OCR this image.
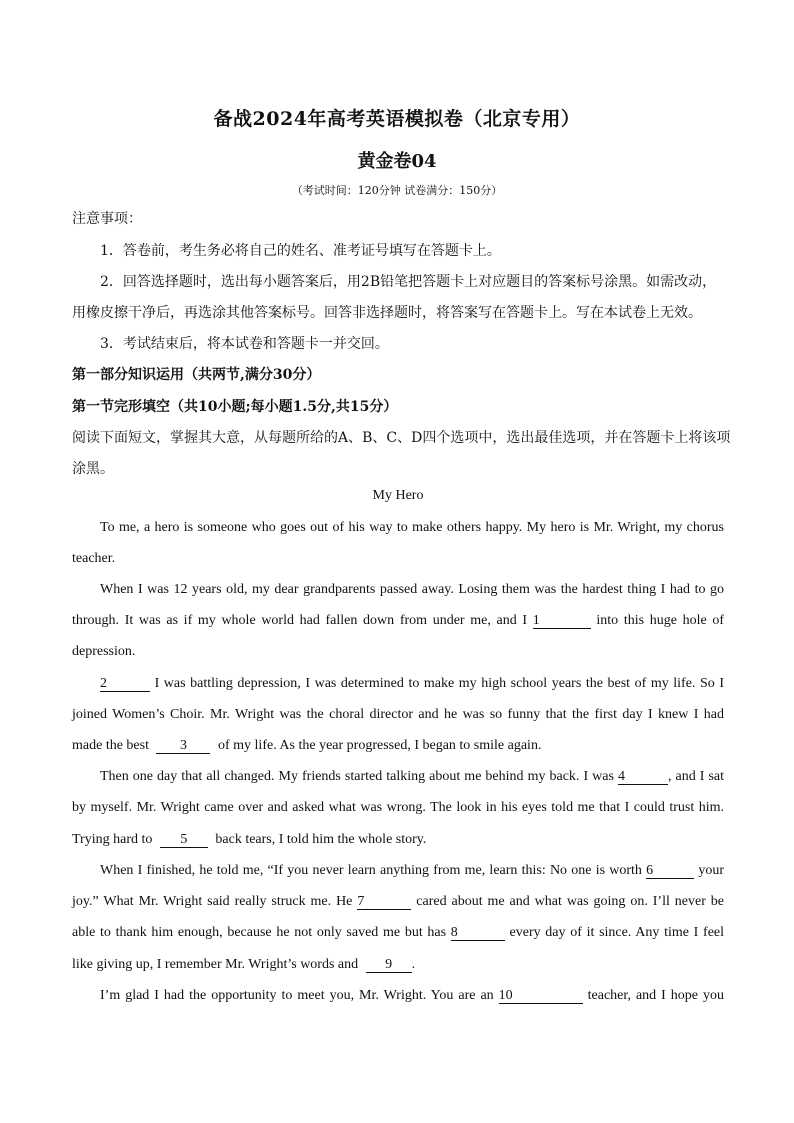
备战2024年高考英语模拟卷（北京专用）
黄金卷04
（考试时间：120分钟 试卷满分：150分）
注意事项：
1．答卷前，考生务必将自己的姓名、准考证号填写在答题卡上。
2．回答选择题时，选出每小题答案后，用2B铅笔把答题卡上对应题目的答案标号涂黑。如需改动，
用橡皮擦干净后，再选涂其他答案标号。回答非选择题时，将答案写在答题卡上。写在本试卷上无效。
3．考试结束后，将本试卷和答题卡一并交回。
第一部分知识运用（共两节,满分30分）
第一节完形填空（共10小题;每小题1.5分,共15分）
阅读下面短文，掌握其大意，从每题所给的A、B、C、D四个选项中，选出最佳选项，并在答题卡上将该项
涂黑。
My Hero
To me, a hero is someone who goes out of his way to make others happy. My hero is Mr. Wright, my chorus
teacher.
When I was 12 years old, my dear grandparents passed away. Losing them was the hardest thing I had to go
through. It was as if my whole world had fallen down from under me, and I 1	into this huge hole of
depression.
2	I was battling depression, I was determined to make my high school years the best of my life. So I
joined Women’s Choir. Mr. Wright was the choral director and he was so funny that the first day I knew I had
made the best 3 of my life. As the year progressed, I began to smile again.
Then one day that all changed. My friends started talking about me behind my back. I was 4	, and I sat
by myself. Mr. Wright came over and asked what was wrong. The look in his eyes told me that I could trust him.
Trying hard to 5 back tears, I told him the whole story.
When I finished, he told me, “If you never learn anything from me, learn this: No one is worth 6	your
joy.” What Mr. Wright said really struck me. He 7	cared about me and what was going on. I’ll never be
able to thank him enough, because he not only saved me but has 8	every day of it since. Any time I feel
like giving up, I remember Mr. Wright’s words and 9 .
I’m glad I had the opportunity to meet you, Mr. Wright. You are an 10	teacher, and I hope you
